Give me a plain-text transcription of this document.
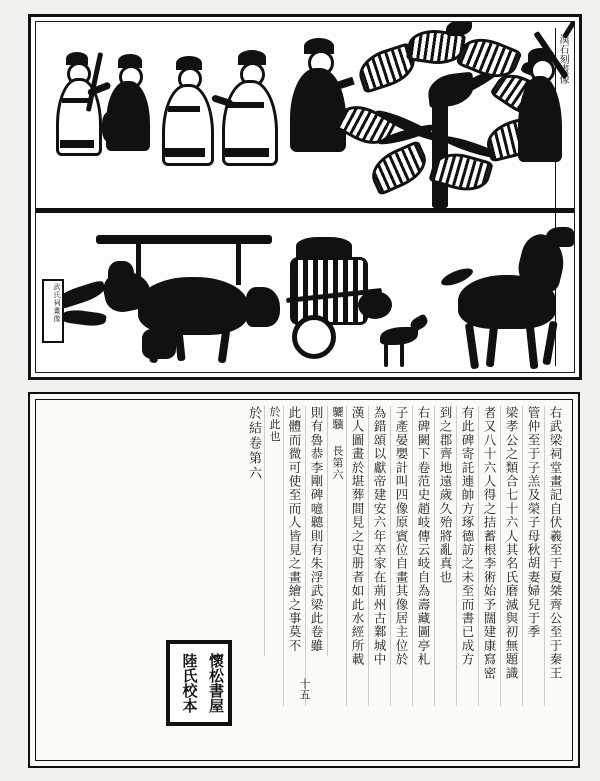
武氏祠畫像
漢石刻畫像
右武梁祠堂畫記自伏羲至于夏桀齊公至于秦王
管仲至于子羔及榮子母秋胡妻婦兒于季
梁孝公之類合七十六人其名氏磨滅與初無題識
者又八十六人得之拮蓄根李術始予闊建康寫密
有此碑寄託連帥方琢德訪之未至而書已成方
到之郡齊地遠歲久殆將亂真也
右碑闕下卷范史趙岐傳云岐自為壽藏圖亭札
子產晏嬰計叫四像原賓位自畫其像居主位於
為錯頌以獻帝建安六年卒家在荊州古鄴城中
漢人圖畫於堪葬間見之史册者如此水經所載
驪驥 長第六
則有魯恭李剛碑噫聽則有朱浮武梁此卷雖
此體而微可使至而人皆見之畫繪之事莫不
於此也
於結卷第六
十五
懷松書屋
陸氏校本
